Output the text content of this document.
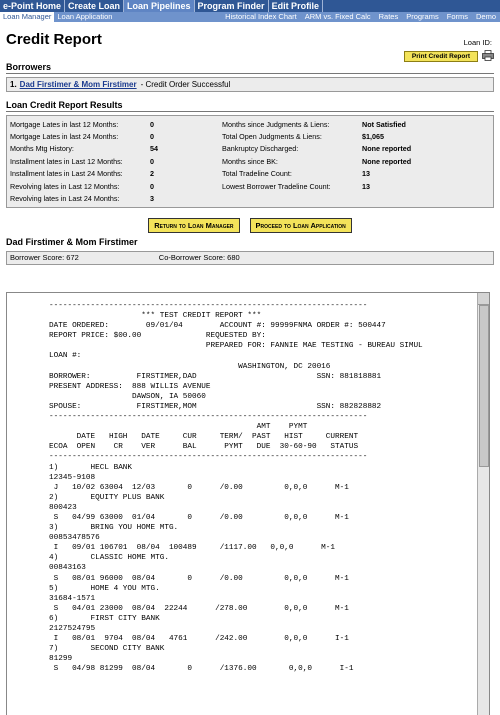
e-Point Home Create Loan Loan Pipelines Program Finder Edit Profile
Loan Manager Loan Application	Historical Index Chart	ARM vs. Fixed Calc	Rates	Programs	Forms	Demo
Credit Report	Loan ID:
Print Credit Report
Borrowers
1. Dad Firstimer & Mom Firstimer - Credit Order Successful
Loan Credit Report Results
Mortgage Lates in last 12 Months:	0
Mortgage Lates in last 24 Months:	0
Months Mtg History:	54
Installment lates in Last 12 Months:	0
Installment lates in Last 24 Months:	2
Revolving lates in Last 12 Months:	0
Revolving lates in Last 24 Months:	3
Months since Judgments & Liens:	Not Satisfied
Total Open Judgments & Liens:	$1,065
Bankruptcy Discharged:	None reported
Months since BK:	None reported
Total Tradeline Count:	13
Lowest Borrower Tradeline Count:	13
Return to Loan Manager	Proceed to Loan Application
Dad Firstimer & Mom Firstimer
Borrower Score: 672	Co-Borrower Score: 680
---------------------------------------------------------------------
*** TEST CREDIT REPORT ***
DATE ORDERED:        09/01/04        ACCOUNT #: 99999FNMA ORDER #: 500447
REPORT PRICE: $00.00              REQUESTED BY:
PREPARED FOR: FANNIE MAE TESTING - BUREAU SIMUL
LOAN #:
WASHINGTON, DC 20016
BORROWER:          FIRSTIMER,DAD                          SSN: 881818881
PRESENT ADDRESS:  888 WILLIS AVENUE
DAWSON, IA 50060
SPOUSE:            FIRSTIMER,MOM                          SSN: 882828882
---------------------------------------------------------------------
AMT    PYMT
DATE   HIGH   DATE     CUR     TERM/  PAST   HIST     CURRENT
ECOA  OPEN    CR    VER      BAL      PYMT   DUE  30-60-90   STATUS
---------------------------------------------------------------------
1)       HECL BANK
12345-9108
J   10/02 63004  12/03       0      /0.00         0,0,0      M-1
2)       EQUITY PLUS BANK
800423
S   04/99 63000  01/04       0      /0.00         0,0,0      M-1
3)       BRING YOU HOME MTG.
00853478576
I   09/01 106701  08/04  100489     /1117.00   0,0,0      M-1
4)       CLASSIC HOME MTG.
00843163
S   08/01 96000  08/04       0      /0.00         0,0,0      M-1
5)       HOME 4 YOU MTG.
31684-1571
S   04/01 23000  08/04  22244      /278.00        0,0,0      M-1
6)       FIRST CITY BANK
2127524795
I   08/01  9704  08/04   4761      /242.00        0,0,0      I-1
7)       SECOND CITY BANK
81299
S   04/98 81299  08/04       0      /1376.00       0,0,0      I-1
